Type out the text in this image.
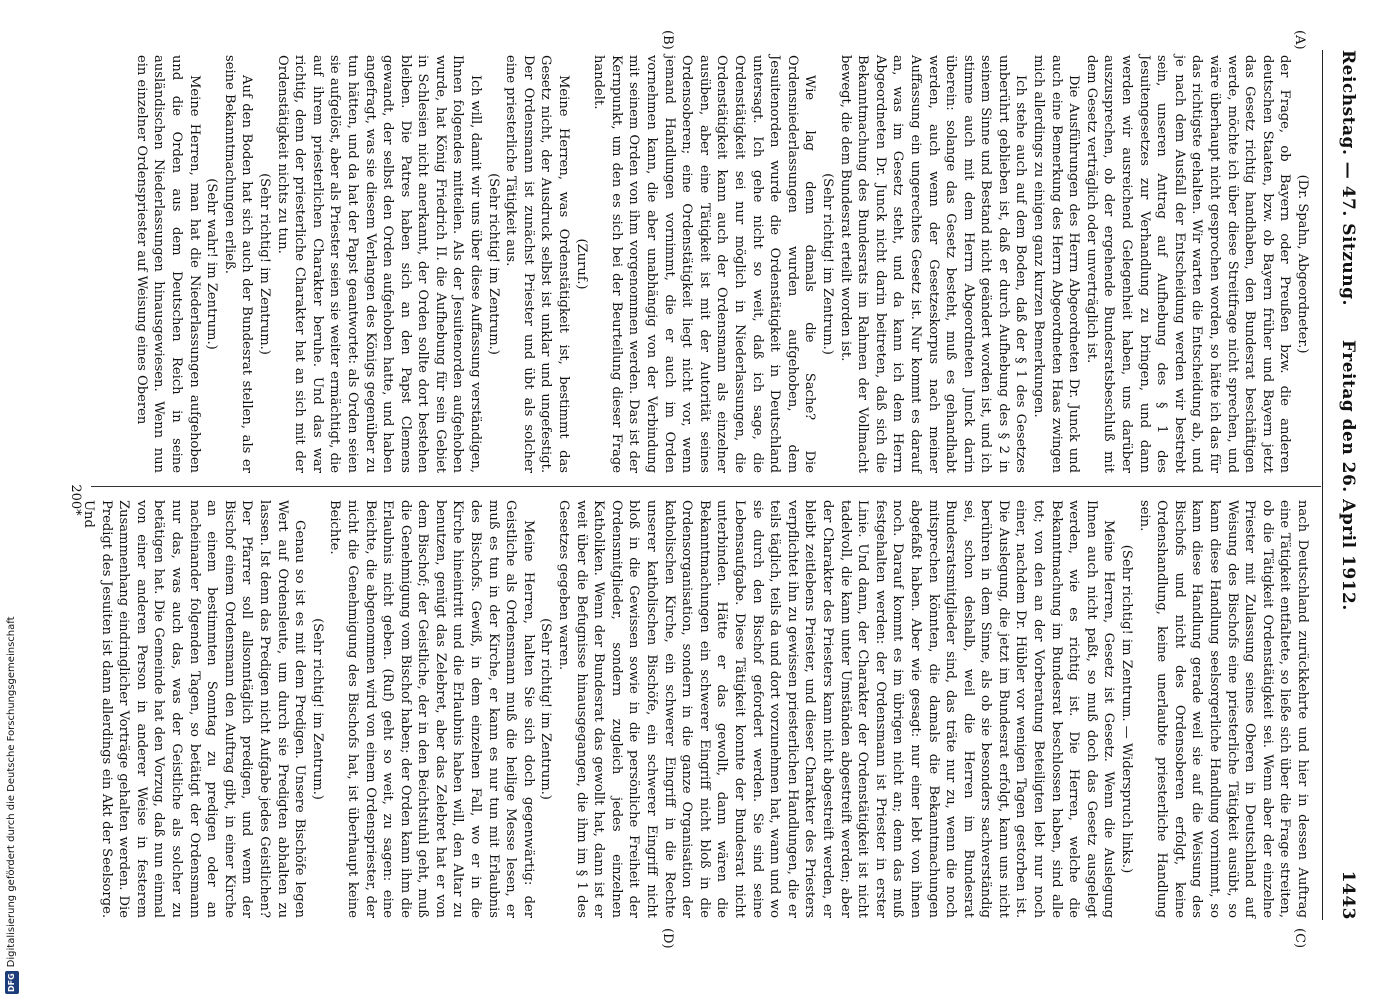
Reichstag. — 47. Sitzung.
Freitag den 26. April 1912.
1443
(A)
(B)
(C)
(D)

(Dr. Spahn, Abgeordneter.)

der Frage, ob Bayern oder Preußen bzw. die anderen deutschen Staaten, bzw. ob Bayern früher und Bayern jetzt das Gesetz richtig handhaben, den Bundesrat beschäftigen werde, möchte ich über diese Streitfrage nicht sprechen, und wäre überhaupt nicht gesprochen worden, so hätte ich das für das richtigste gehalten. Wir warten die Entscheidung ab, und je nach dem Ausfall der Entscheidung werden wir bestrebt sein, unseren Antrag auf Aufhebung des § 1 des Jesuitengesetzes zur Verhandlung zu bringen, und dann werden wir ausreichend Gelegenheit haben, uns darüber auszusprechen, ob der ergehende Bundesratsbeschluß mit dem Gesetz verträglich oder unverträglich ist.

Die Ausführungen des Herrn Abgeordneten Dr. Junck und auch eine Bemerkung des Herrn Abgeordneten Haas zwingen mich allerdings zu einigen ganz kurzen Bemerkungen.

Ich stehe auch auf dem Boden, daß der § 1 des Gesetzes unberührt geblieben ist, daß er durch Aufhebung des § 2 in seinem Sinne und Bestand nicht geändert worden ist, und ich stimme auch mit dem Herrn Abgeordneten Junck darin überein: solange das Gesetz besteht, muß es gehandhabt werden, auch wenn der Gesetzeskorpus nach meiner Auffassung ein ungerechtes Gesetz ist. Nur kommt es darauf an, was im Gesetz steht, und da kann ich dem Herrn Abgeordneten Dr. Junck nicht darin beitreten, daß sich die Bekanntmachung des Bundesrats im Rahmen der Vollmacht bewegt, die dem Bundesrat erteilt worden ist.

(Sehr richtig! im Zentrum.)

Wie lag denn damals die Sache? Die Ordensniederlassungen wurden aufgehoben, dem Jesuitenorden wurde die Ordenstätigkeit in Deutschland untersagt. Ich gehe nicht so weit, daß ich sage, die Ordenstätigkeit sei nur möglich in Niederlassungen, die Ordenstätigkeit kann auch der Ordensmann als einzelner ausüben, aber eine Tätigkeit ist mit der Autorität seines Ordensoberen; eine Ordenstätigkeit liegt nicht vor, wenn jemand Handlungen vornimmt, die er auch im Orden vornehmen kann, die aber unabhängig von der Verbindung mit seinem Orden von ihm vorgenommen werden. Das ist der Kernpunkt, um den es sich bei der Beurteilung dieser Frage handelt.

(Zuruf.)

Meine Herren, was Ordenstätigkeit ist, bestimmt das Gesetz nicht, der Ausdruck selbst ist unklar und ungefestigt. Der Ordensmann ist zunächst Priester und übt als solcher eine priesterliche Tätigkeit aus.

(Sehr richtig! im Zentrum.)

Ich will, damit wir uns über diese Auffassung verständigen, Ihnen folgendes mitteilen. Als der Jesuitenorden aufgehoben wurde, hat König Friedrich II. die Aufhebung für sein Gebiet in Schlesien nicht anerkannt, der Orden sollte dort bestehen bleiben. Die Patres haben sich an den Papst Clemens gewandt, der selbst den Orden aufgehoben hatte, und haben angefragt, was sie diesem Verlangen des Königs gegenüber zu tun hätten, und da hat der Papst geantwortet: als Orden seien sie aufgelöst, aber als Priester seien sie weiter ermächtigt, die auf ihrem priesterlichen Charakter beruhe. Und das war richtig, denn der priesterliche Charakter hat an sich mit der Ordenstätigkeit nichts zu tun.

(Sehr richtig! im Zentrum.)

Auf den Boden hat sich auch der Bundesrat stellen, als er seine Bekanntmachungen erließ.

(Sehr wahr! im Zentrum.)

Meine Herren, man hat die Niederlassungen aufgehoben und die Orden aus dem Deutschen Reich in seine ausländischen Niederlassungen hinausgewiesen. Wenn nun ein einzelner Ordenspriester auf Weisung eines Oberen

nach Deutschland zurückkehrte und hier in dessen Auftrag eine Tätigkeit entfaltete, so ließe sich über die Frage streiten, ob die Tätigkeit Ordenstätigkeit sei. Wenn aber der einzelne Priester mit Zulassung seines Oberen in Deutschland auf Weisung des Bischofs eine priesterliche Tätigkeit ausübt, so kann diese Handlung seelsorgerliche Handlung vornimmt, so kann diese Handlung gerade weil sie auf die Weisung des Bischofs und nicht des Ordensoberen erfolgt, keine Ordenshandlung, keine unerlaubte priesterliche Handlung sein.

(Sehr richtig! im Zentrum. — Widerspruch links.)

Meine Herren, Gesetz ist Gesetz. Wenn die Auslegung Ihnen auch nicht paßt, so muß doch das Gesetz ausgelegt werden, wie es richtig ist. Die Herren, welche die Bekanntmachung im Bundesrat beschlossen haben, sind alle tot; von den an der Vorberatung Beteiligten lebt nur noch einer, nachdem Dr. Hübler vor wenigen Tagen gestorben ist. Die Auslegung, die jetzt im Bundesrat erfolgt, kann uns nicht berühren in dem Sinne, als ob sie besonders sachverständig sei, schon deshalb, weil die Herren im Bundesrat Bundesratsmitglieder sind, das träte nur zu, wenn die noch mitsprechen könnten, die damals die Bekanntmachungen abgefaßt haben. Aber wie gesagt: nur einer lebt von ihnen noch. Darauf kommt es im übrigen nicht an; denn das muß festgehalten werden: der Ordensmann ist Priester in erster Linie. Und dann, der Charakter der Ordenstätigkeit ist nicht tadelvoll, die kann unter Umständen abgestreift werden; aber der Charakter des Priesters kann nicht abgestreift werden, er bleibt zeitlebens Priester, und dieser Charakter des Priesters verpflichtet ihn zu gewissen priesterlichen Handlungen, die er teils täglich, teils da und dort vorzunehmen hat, wann und wo sie durch den Bischof gefordert werden. Sie sind seine Lebensaufgabe. Diese Tätigkeit konnte der Bundesrat nicht unterbinden. Hätte er das gewollt, dann wären die Bekanntmachungen ein schwerer Eingriff nicht bloß in die Ordensorganisation, sondern in die ganze Organisation der katholischen Kirche, ein schwerer Eingriff in die Rechte unserer katholischen Bischöfe, ein schwerer Eingriff nicht bloß in die Gewissen sowie in die persönliche Freiheit der Ordensmitglieder, sondern zugleich jedes einzelnen Katholiken. Wenn der Bundesrat das gewollt hat, dann ist er weit über die Befugnisse hinausgegangen, die ihm im § 1 des Gesetzes gegeben waren.

(Sehr richtig! im Zentrum.)

Meine Herren, halten Sie sich doch gegenwärtig: der Geistliche als Ordensmann muß die heilige Messe lesen, er muß es tun in der Kirche, er kann es nur tun mit Erlaubnis des Bischofs. Gewiß, in dem einzelnen Fall, wo er in die Kirche hineintritt und die Erlaubnis haben will, den Altar zu benutzen, genügt das Zelebret, aber das Zelebret hat er von dem Bischof; der Geistliche, der in den Beichtstuhl geht, muß die Genehmigung vom Bischof haben; der Orden kann ihm die Erlaubnis nicht geben. (Ruf) geht so weit, zu sagen: eine Beichte, die abgenommen wird von einem Ordenspriester, der nicht die Genehmigung des Bischofs hat, ist überhaupt keine Beichte.

(Sehr richtig! im Zentrum.)

Genau so ist es mit dem Predigen. Unsere Bischöfe legen Wert auf Ordensleute, um durch sie Predigten abhalten zu lassen. Ist denn das Predigen nicht Aufgabe jedes Geistlichen? Der Pfarrer soll allsonntäglich predigen, und wenn der Bischof einem Ordensmann den Auftrag gibt, in einer Kirche an einem bestimmten Sonntag zu predigen oder an nacheinander folgenden Tagen, so betätigt der Ordensmann nur das, was auch das, was der Geistliche als solcher zu betätigen hat. Die Gemeinde hat den Vorzug, daß nun einmal von einer anderen Person in anderer Weise in festerem Zusammenhang eindringlicher Vorträge gehalten werden. Die Predigt des Jesuiten ist dann allerdings ein Akt der Seelsorge. Und

200*
DFGDigitalisierung gefördert durch die Deutsche Forschungsgemeinschaft
